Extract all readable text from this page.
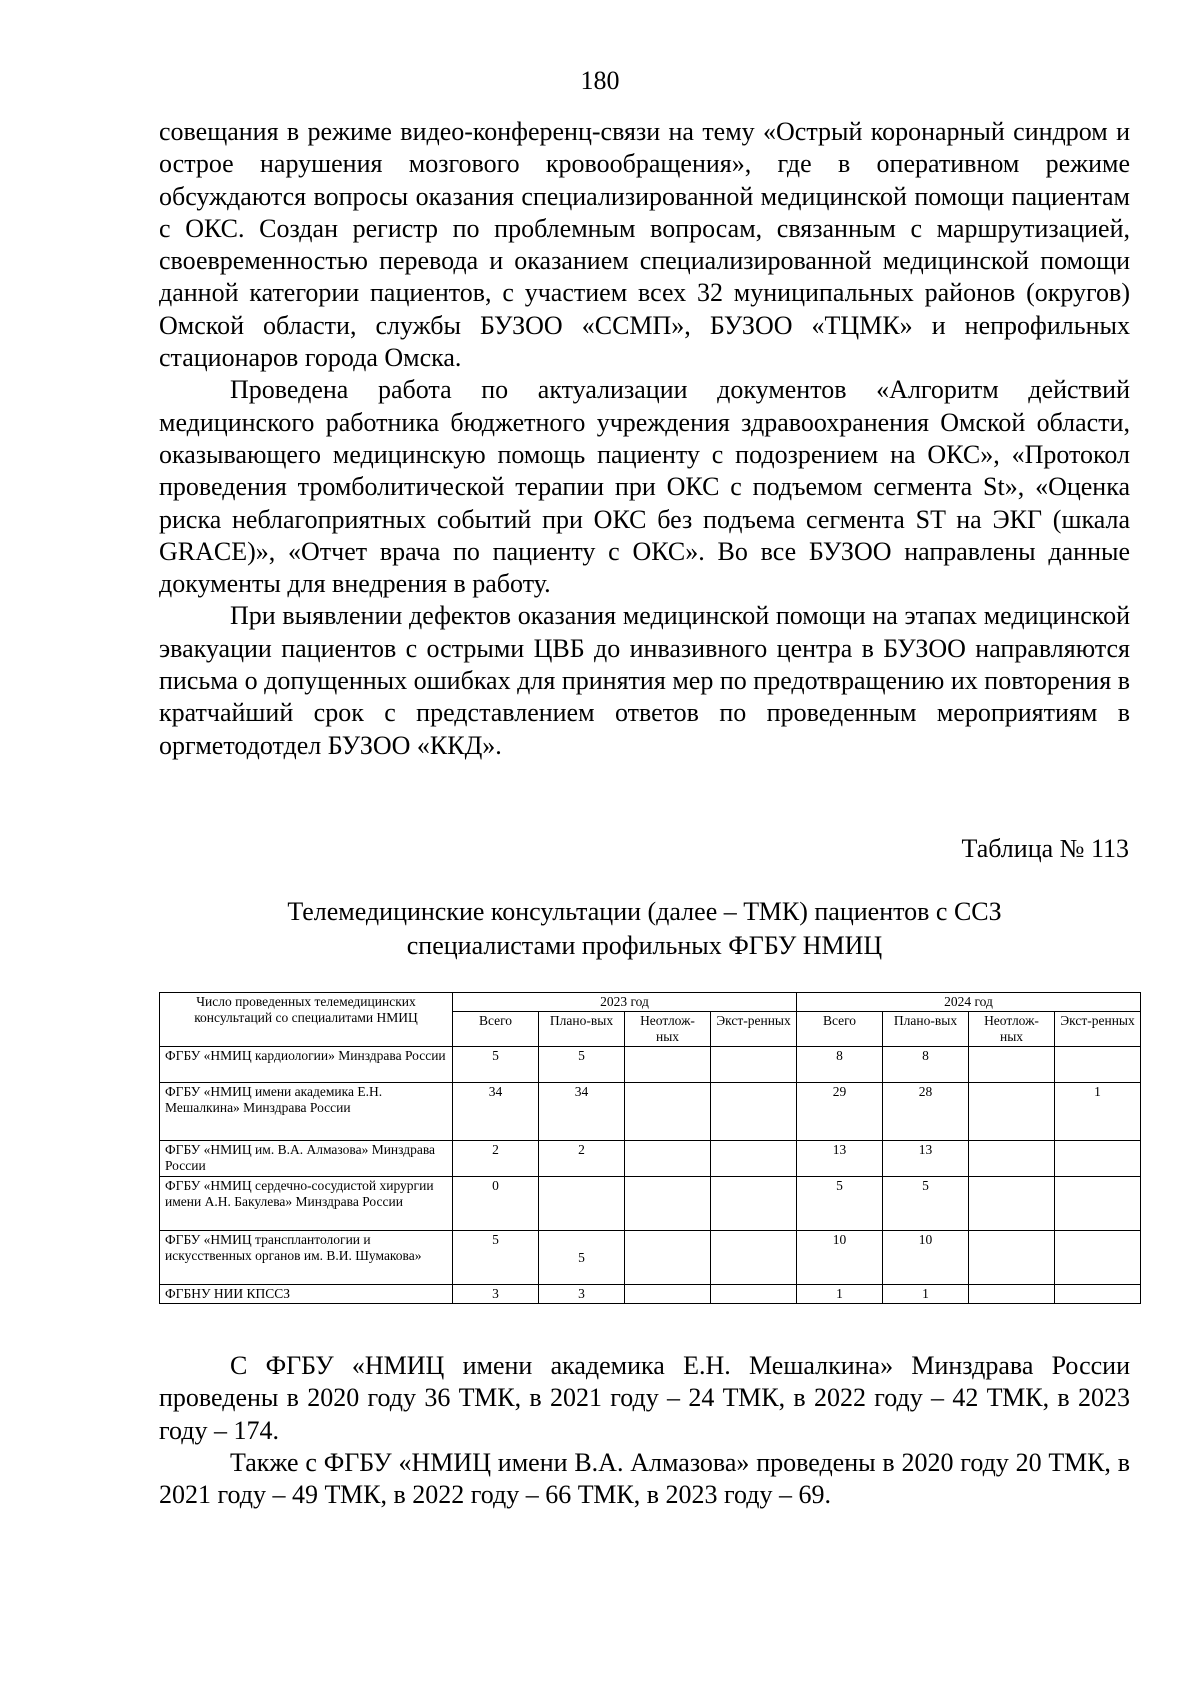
180

совещания в режиме видео-конференц-связи на тему «Острый коронарный синдром и острое нарушения мозгового кровообращения», где в оперативном режиме обсуждаются вопросы оказания специализированной медицинской помощи пациентам с ОКС. Создан регистр по проблемным вопросам, связанным с маршрутизацией, своевременностью перевода и оказанием специализированной медицинской помощи данной категории пациентов, с участием всех 32 муниципальных районов (округов) Омской области, службы БУЗОО «ССМП», БУЗОО «ТЦМК» и непрофильных стационаров города Омска.

Проведена работа по актуализации документов «Алгоритм действий медицинского работника бюджетного учреждения здравоохранения Омской области, оказывающего медицинскую помощь пациенту с подозрением на ОКС», «Протокол проведения тромболитической терапии при ОКС с подъемом сегмента St», «Оценка риска неблагоприятных событий при ОКС без подъема сегмента ST на ЭКГ (шкала GRACE)», «Отчет врача по пациенту с ОКС». Во все БУЗОО направлены данные документы для внедрения в работу.

При выявлении дефектов оказания медицинской помощи на этапах медицинской эвакуации пациентов с острыми ЦВБ до инвазивного центра в БУЗОО направляются письма о допущенных ошибках для принятия мер по предотвращению их повторения в кратчайший срок с представлением ответов по проведенным мероприятиям в оргметодотдел БУЗОО «ККД».

Таблица № 113
Телемедицинские консультации (далее – ТМК) пациентов с ССЗ
специалистами профильных ФГБУ НМИЦ
Число проведенных телемедицинских консультаций со специалитами НМИЦ	2023 год				2024 год			
	Всего	Плано-вых	Неотлож-ных	Экст-ренных	Всего	Плано-вых	Неотлож-ных	Экст-ренных
ФГБУ «НМИЦ кардиологии» Минздрава России	5	5			8	8		
ФГБУ «НМИЦ имени академика Е.Н. Мешалкина» Минздрава России	34	34			29	28		1
ФГБУ «НМИЦ им. В.А. Алмазова» Минздрава России	2	2			13	13		
ФГБУ «НМИЦ сердечно-сосудистой хирургии имени А.Н. Бакулева» Минздрава России	0				5	5		
ФГБУ «НМИЦ трансплантологии и искусственных органов им. В.И. Шумакова»	5	5			10	10		
ФГБНУ НИИ КПССЗ	3	3			1	1		

С ФГБУ «НМИЦ имени академика Е.Н. Мешалкина» Минздрава России проведены в 2020 году 36 ТМК, в 2021 году – 24 ТМК, в 2022 году – 42 ТМК, в 2023 году – 174.

Также с ФГБУ «НМИЦ имени В.А. Алмазова» проведены в 2020 году 20 ТМК, в 2021 году – 49 ТМК, в 2022 году – 66 ТМК, в 2023 году – 69.
